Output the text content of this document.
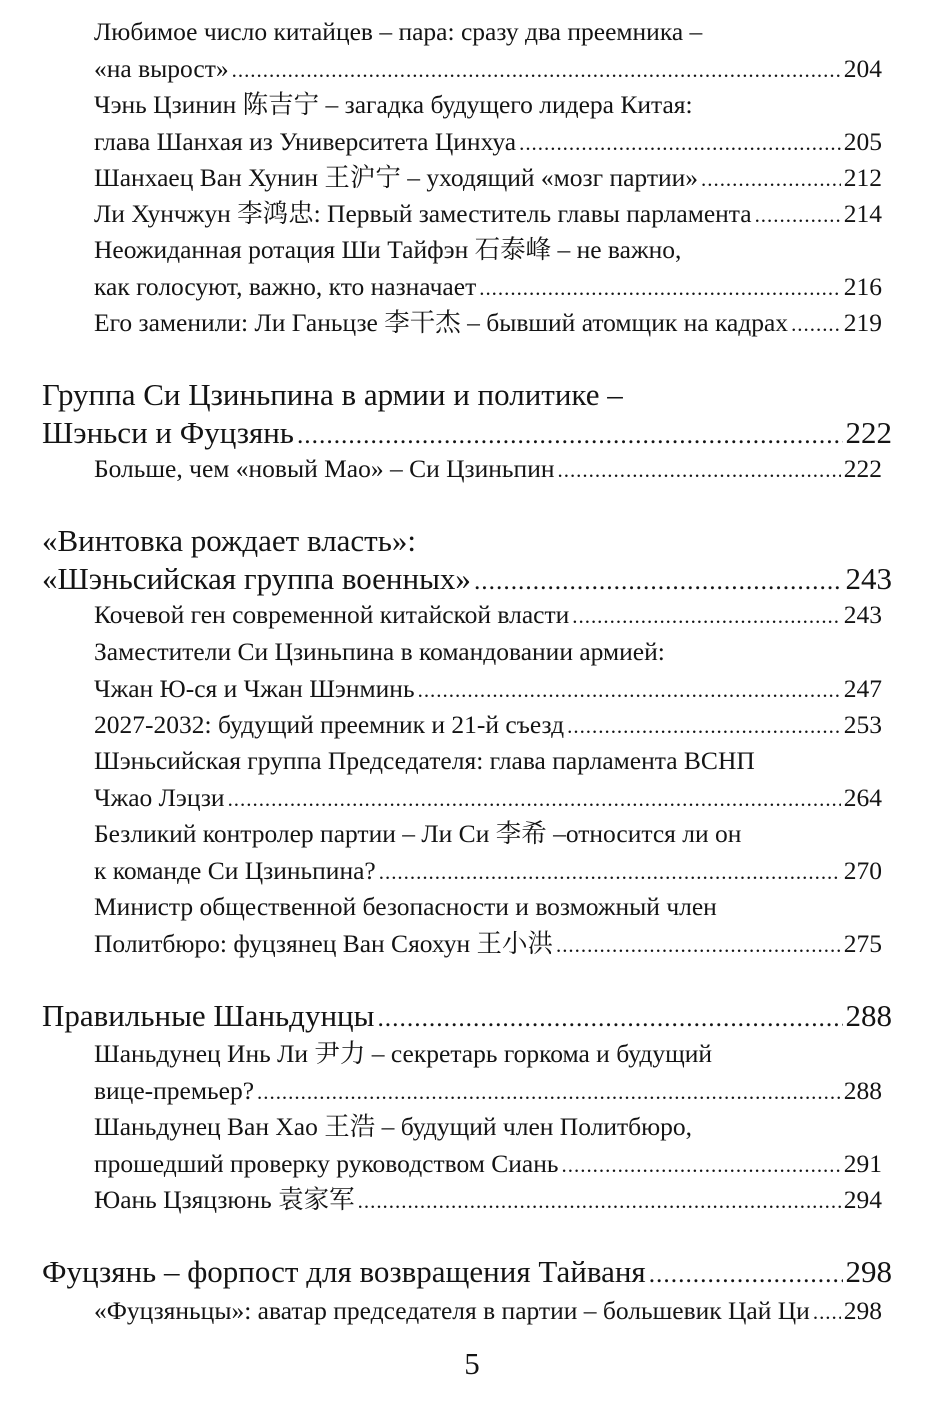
Любимое число китайцев – пара: сразу два преемника –
«на вырост» .....	204
Чэнь Цзинин 陈吉宁 – загадка будущего лидера Китая:
глава Шанхая из Университета Цинхуа .....	205
Шанхаец Ван Хунин 王沪宁 – уходящий «мозг партии» .....	212
Ли Хунчжун 李鸿忠: Первый заместитель главы парламента .....	214
Неожиданная ротация Ши Тайфэн 石泰峰 – не важно,
как голосуют, важно, кто назначает .....	216
Его заменили: Ли Ганьцзе 李干杰 – бывший атомщик на кадрах ..... 219
Группа Си Цзиньпина в армии и политике –
Шэньси и Фуцзянь .....	222
Больше, чем «новый Мао» – Си Цзиньпин .....	222
«Винтовка рождает власть»:
«Шэньсийская группа военных» .....	243
Кочевой ген современной китайской власти .....	243
Заместители Си Цзиньпина в командовании армией:
Чжан Ю-ся и Чжан Шэнминь .....	247
2027-2032: будущий преемник и 21-й съезд .....	253
Шэньсийская группа Председателя: глава парламента ВСНП
Чжао Лэцзи .....	264
Безликий контролер партии – Ли Си 李希 –относится ли он
к команде Си Цзиньпина? .....	270
Министр общественной безопасности и возможный член
Политбюро: фуцзянец Ван Сяохун 王小洪 .....	275
Правильные Шаньдунцы .....	288
Шаньдунец Инь Ли 尹力 – секретарь горкома и будущий
вице-премьер? .....	288
Шаньдунец Ван Хао 王浩 – будущий член Политбюро,
прошедший проверку руководством Сиань .....	291
Юань Цзяцзюнь 袁家军 .....	294
Фуцзянь – форпост для возвращения Тайваня .....	298
«Фуцзяньцы»: аватар председателя в партии – большевик Цай Ци ..... 298
5
